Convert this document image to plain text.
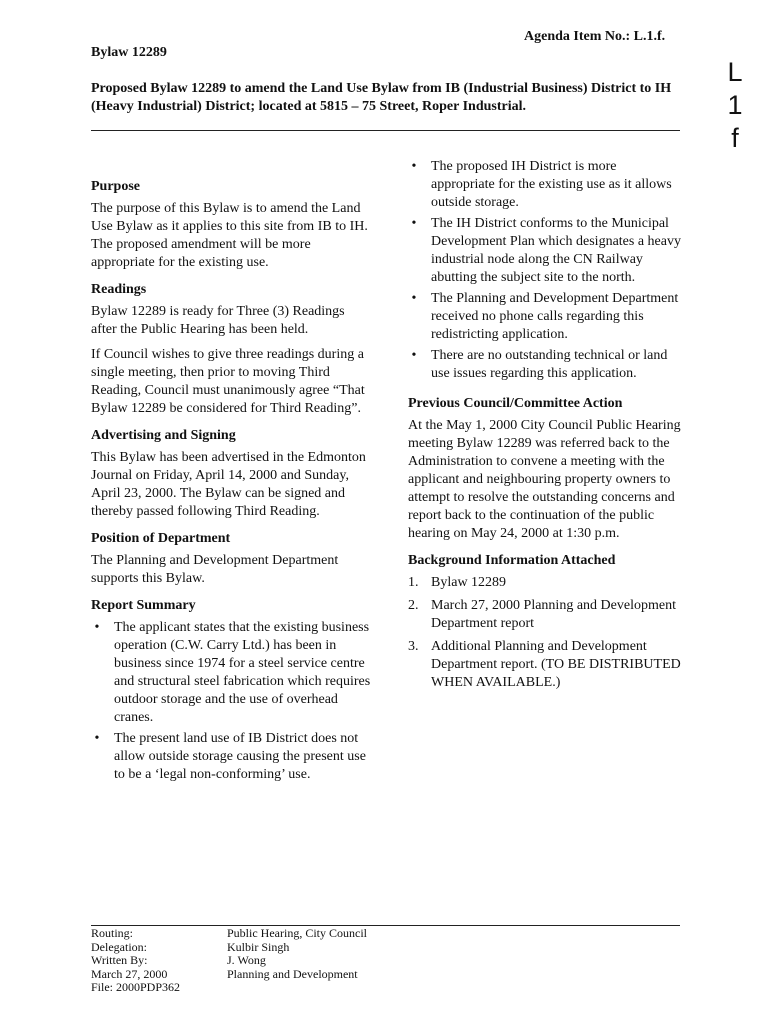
Agenda Item No.: L.1.f.
Bylaw 12289
L
1
f
Proposed Bylaw 12289 to amend the Land Use Bylaw from IB (Industrial Business) District to IH (Heavy Industrial) District; located at 5815 – 75 Street, Roper Industrial.
Purpose

The purpose of this Bylaw is to amend the Land Use Bylaw as it applies to this site from IB to IH. The proposed amendment will be more appropriate for the existing use.

Readings

Bylaw 12289 is ready for Three (3) Readings after the Public Hearing has been held.

If Council wishes to give three readings during a single meeting, then prior to moving Third Reading, Council must unanimously agree “That Bylaw 12289 be considered for Third Reading”.

Advertising and Signing

This Bylaw has been advertised in the Edmonton Journal on Friday, April 14, 2000 and Sunday, April 23, 2000. The Bylaw can be signed and thereby passed following Third Reading.

Position of Department

The Planning and Development Department supports this Bylaw.

Report Summary
• The applicant states that the existing business operation (C.W. Carry Ltd.) has been in business since 1974 for a steel service centre and structural steel fabrication which requires outdoor storage and the use of overhead cranes.
• The present land use of IB District does not allow outside storage causing the present use to be a ‘legal non-conforming’ use.
• The proposed IH District is more appropriate for the existing use as it allows outside storage.
• The IH District conforms to the Municipal Development Plan which designates a heavy industrial node along the CN Railway abutting the subject site to the north.
• The Planning and Development Department received no phone calls regarding this redistricting application.
• There are no outstanding technical or land use issues regarding this application.
Previous Council/Committee Action

At the May 1, 2000 City Council Public Hearing meeting Bylaw 12289 was referred back to the Administration to convene a meeting with the applicant and neighbouring property owners to attempt to resolve the outstanding concerns and report back to the continuation of the public hearing on May 24, 2000 at 1:30 p.m.

Background Information Attached
1. Bylaw 12289
2. March 27, 2000 Planning and Development Department report
3. Additional Planning and Development Department report. (TO BE DISTRIBUTED WHEN AVAILABLE.)
Routing:	Public Hearing, City Council
Delegation:	Kulbir Singh
Written By:	J. Wong
March 27, 2000	Planning and Development
File: 2000PDP362
